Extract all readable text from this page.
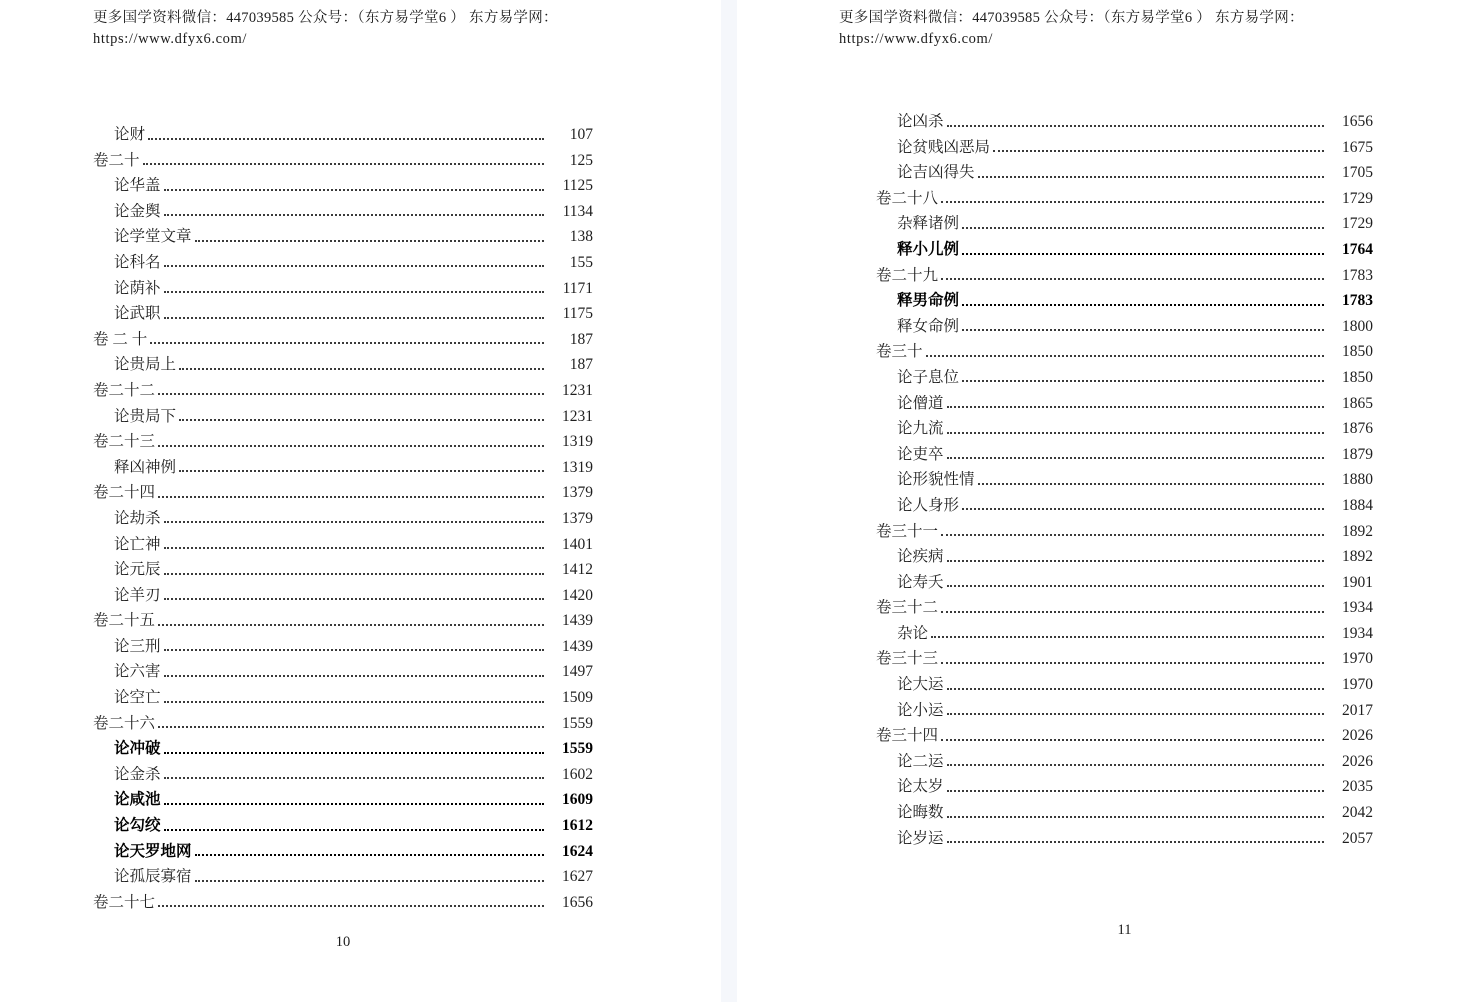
更多国学资料微信：447039585 公众号：（东方易学堂6 ） 东方易学网：
https://www.dfyx6.com/
论财	107
卷二十	125
论华盖	1125
论金舆	1134
论学堂文章	138
论科名	155
论荫补	1171
论武职	1175
卷 二 十	187
论贵局上	187
卷二十二	1231
论贵局下	1231
卷二十三	1319
释凶神例	1319
卷二十四	1379
论劫杀	1379
论亡神	1401
论元辰	1412
论羊刃	1420
卷二十五	1439
论三刑	1439
论六害	1497
论空亡	1509
卷二十六	1559
论冲破	1559
论金杀	1602
论咸池	1609
论勾绞	1612
论天罗地网	1624
论孤辰寡宿	1627
卷二十七	1656
10
更多国学资料微信：447039585 公众号：（东方易学堂6 ） 东方易学网：
https://www.dfyx6.com/
论凶杀	1656
论贫贱凶恶局	1675
论吉凶得失	1705
卷二十八	1729
杂释诸例	1729
释小儿例	1764
卷二十九	1783
释男命例	1783
释女命例	1800
卷三十	1850
论子息位	1850
论僧道	1865
论九流	1876
论吏卒	1879
论形貌性情	1880
论人身形	1884
卷三十一	1892
论疾病	1892
论寿夭	1901
卷三十二	1934
杂论	1934
卷三十三	1970
论大运	1970
论小运	2017
卷三十四	2026
论二运	2026
论太岁	2035
论晦数	2042
论岁运	2057
11
